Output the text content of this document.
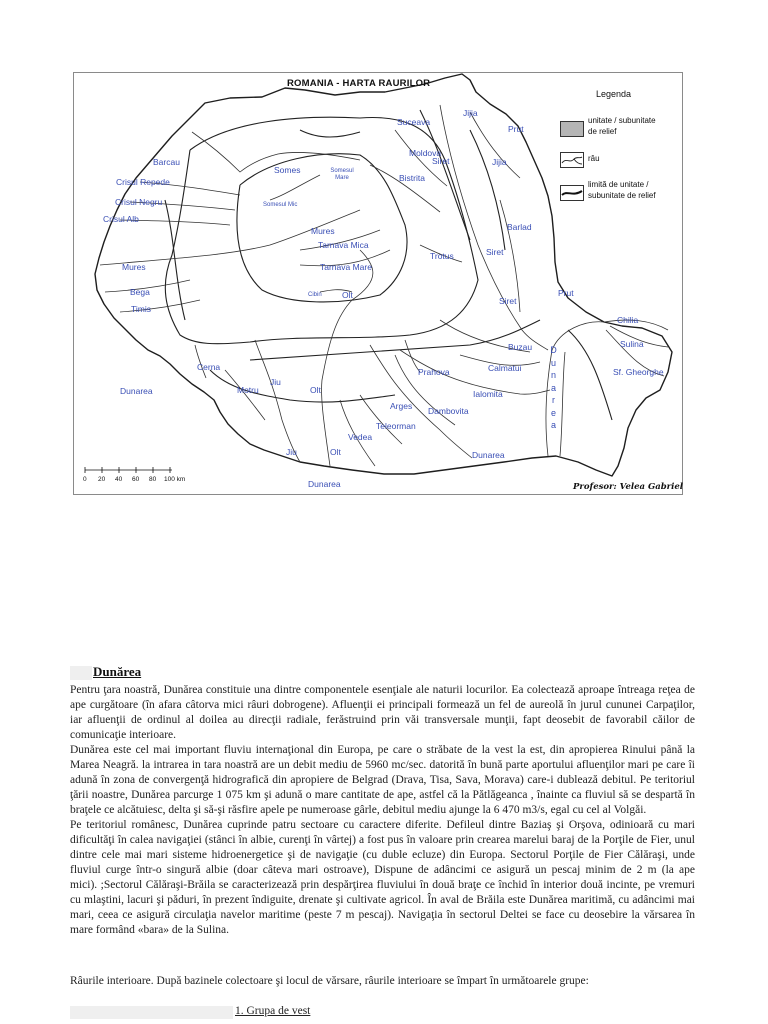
ROMANIA - HARTA RAURILOR
Legenda
unitate / subunitate
de relief
râu
limită de unitate /
subunitate de relief
0 20 40 60 80 100 km
Profesor: Velea Gabriel
Jijia
Suceava
Prut
Moldova
Siret	Jijia
Barcau
Somes	Somesul Mare	Bistrita
Crisul Repede
Crisul Negru	Somesul Mic
Crisul Alb
Barlad
Mures
Tarnava Mica
Siret
Trotus
Mures	Tarnava Mare
Bega	Prut
Cibin Olt
Siret
Timis
Chilia
Sulina
Buzau
Cerna	Calmatui
Prahova	Sf. Gheorghe
Jiu
Motru	Olt
Dunarea	Ialomita
Arges Dambovita
Teleorman
Vedea
Jiu	Olt	Dunarea
Dunarea
Dunarea
Dunărea
Pentru ţara noastră, Dunărea constituie una dintre componentele esenţiale ale naturii locurilor. Ea colectează aproape întreaga reţea de
ape curgătoare (în afara câtorva mici râuri dobrogene). Afluenţii ei principali formează un fel de aureolă în jurul cununei Carpaţilor,
iar afluenţii de ordinul al doilea au direcţii radiale, ferăstruind prin văi transversale munţii, fapt deosebit de favorabil căilor de
comunicaţie interioare.
Dunărea este cel mai important fluviu internaţional din Europa, pe care o străbate de la vest la est, din apropierea Rinului până la
Marea Neagră. la intrarea in tara noastră are un debit mediu de 5960 mc/sec. datorită în bună parte aportului afluenţilor mari pe care îi
adună în zona de convergenţă hidrografică din apropiere de Belgrad (Drava, Tisa, Sava, Morava) care-i dublează debitul. Pe teritoriul
ţării noastre, Dunărea parcurge 1 075 km şi adună o mare cantitate de ape, astfel că la Pătlăgeanca , înainte ca fluviul să se despartă în
braţele ce alcătuiesc, delta şi să-şi răsfire apele pe numeroase gârle, debitul mediu ajunge la 6 470 m3/s, egal cu cel al Volgăi.
Pe teritoriul românesc, Dunărea cuprinde patru sectoare cu caractere diferite. Defileul dintre Baziaş şi Orşova, odinioară cu mari
dificultăţi în calea navigaţiei (stânci în albie, curenţi în vârtej) a fost pus în valoare prin crearea marelui baraj de la Porţile de Fier, unul
dintre cele mai mari sisteme hidroenergetice şi de navigaţie (cu duble ecluze) din Europa. Sectorul Porţile de Fier Călăraşi, unde
fluviul curge într-o singură albie (doar câteva mari ostroave), Dispune de adâncimi ce asigură un pescaj minim de 2 m (la ape
mici). ;Sectorul Călăraşi-Brăila se caracterizează prin despărţirea fluviului în două braţe ce închid în interior două incinte, pe vremuri
cu mlaştini, lacuri şi păduri, în prezent îndiguite, drenate şi cultivate agricol. În aval de Brăila este Dunărea maritimă, cu adâncimi mai
mari, ceea ce asigură circulaţia navelor maritime (peste 7 m pescaj). Navigaţia în sectorul Deltei se face cu deosebire la vărsarea în
mare formând «bara» de la Sulina.
Râurile interioare. După bazinele colectoare şi locul de vărsare, râurile interioare se împart în următoarele grupe:
1. Grupa de vest
